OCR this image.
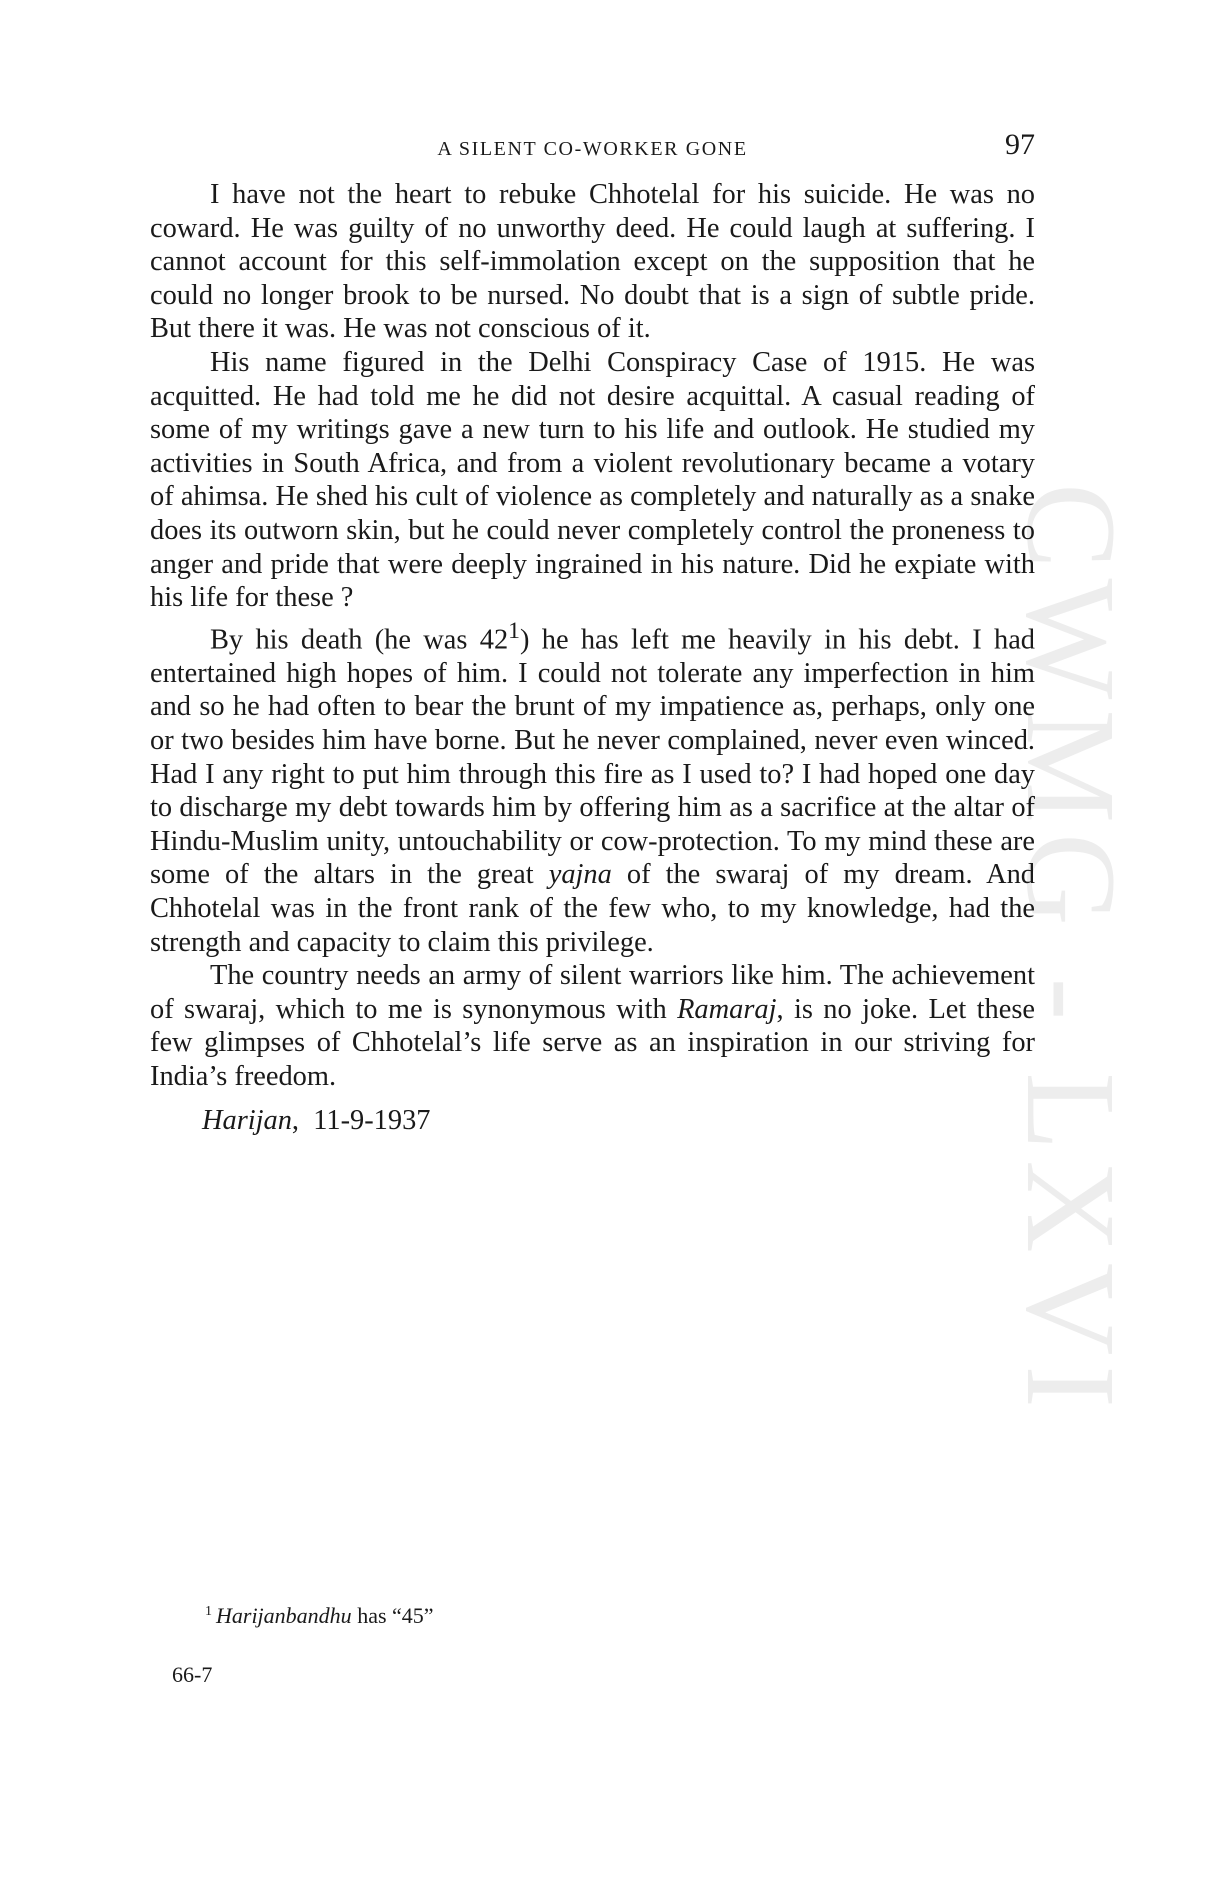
CWMG - LXVI
A SILENT CO-WORKER GONE	97

I have not the heart to rebuke Chhotelal for his suicide. He was no coward. He was guilty of no unworthy deed. He could laugh at suffering. I cannot account for this self-immolation except on the supposition that he could no longer brook to be nursed. No doubt that is a sign of subtle pride. But there it was. He was not conscious of it.

His name figured in the Delhi Conspiracy Case of 1915. He was acquitted. He had told me he did not desire acquittal. A casual reading of some of my writings gave a new turn to his life and outlook. He studied my activities in South Africa, and from a violent revolutionary became a votary of ahimsa. He shed his cult of violence as completely and naturally as a snake does its outworn skin, but he could never completely control the proneness to anger and pride that were deeply ingrained in his nature. Did he expiate with his life for these ?

By his death (he was $42^1$) he has left me heavily in his debt. I had entertained high hopes of him. I could not tolerate any imperfection in him and so he had often to bear the brunt of my impatience as, perhaps, only one or two besides him have borne. But he never complained, never even winced. Had I any right to put him through this fire as I used to? I had hoped one day to discharge my debt towards him by offering him as a sacrifice at the altar of Hindu-Muslim unity, untouchability or cow-protection. To my mind these are some of the altars in the great yajna of the swaraj of my dream. And Chhotelal was in the front rank of the few who, to my knowledge, had the strength and capacity to claim this privilege.

The country needs an army of silent warriors like him. The achievement of swaraj, which to me is synonymous with Ramaraj, is no joke. Let these few glimpses of Chhotelal’s life serve as an inspiration in our striving for India’s freedom.

Harijan, 11-9-1937
$^1$ Harijanbandhu has “45”
66-7
